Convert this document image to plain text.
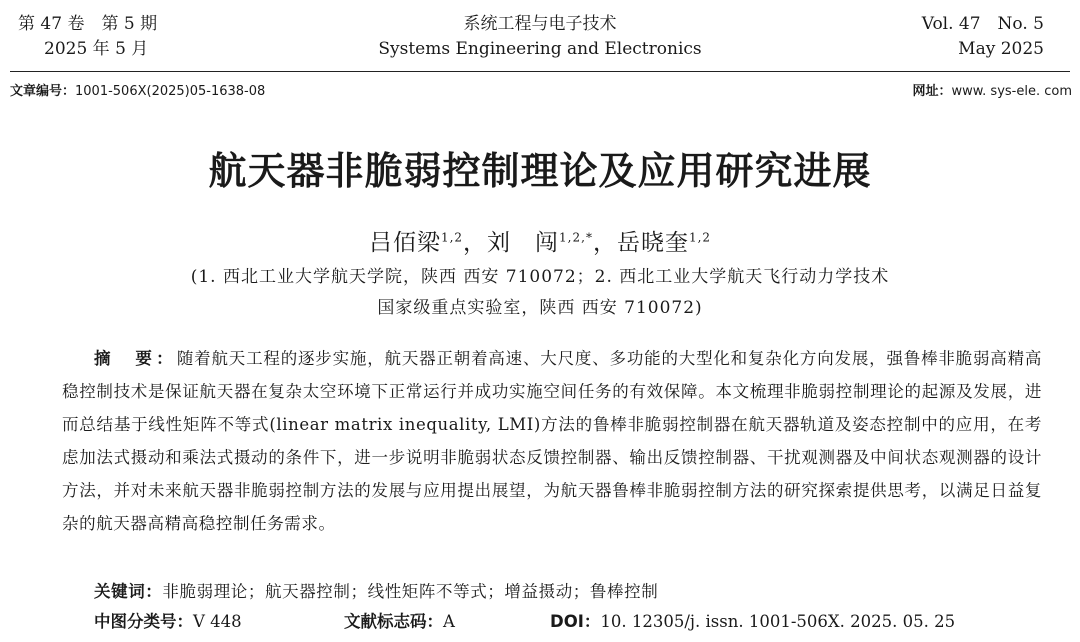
第 47 卷　第 5 期
2025 年 5 月
系统工程与电子技术
Systems Engineering and Electronics
Vol. 47　No. 5
May 2025
文章编号：1001-506X(2025)05-1638-08	网址：www. sys-ele. com
航天器非脆弱控制理论及应用研究进展
吕佰梁$^{1,2}$，刘　闯$^{1,2,*}$，岳晓奎$^{1,2}$
(1. 西北工业大学航天学院，陕西 西安 710072；2. 西北工业大学航天飞行动力学技术
国家级重点实验室，陕西 西安 710072)

摘　要：随着航天工程的逐步实施，航天器正朝着高速、大尺度、多功能的大型化和复杂化方向发展，强鲁棒非脆弱高精高稳控制技术是保证航天器在复杂太空环境下正常运行并成功实施空间任务的有效保障。本文梳理非脆弱控制理论的起源及发展，进而总结基于线性矩阵不等式(linear matrix inequality, LMI)方法的鲁棒非脆弱控制器在航天器轨道及姿态控制中的应用，在考虑加法式摄动和乘法式摄动的条件下，进一步说明非脆弱状态反馈控制器、输出反馈控制器、干扰观测器及中间状态观测器的设计方法，并对未来航天器非脆弱控制方法的发展与应用提出展望，为航天器鲁棒非脆弱控制方法的研究探索提供思考，以满足日益复杂的航天器高精高稳控制任务需求。

关键词：非脆弱理论；航天器控制；线性矩阵不等式；增益摄动；鲁棒控制
中图分类号：V 448	文献标志码：A	DOI：10. 12305/j. issn. 1001-506X. 2025. 05. 25
